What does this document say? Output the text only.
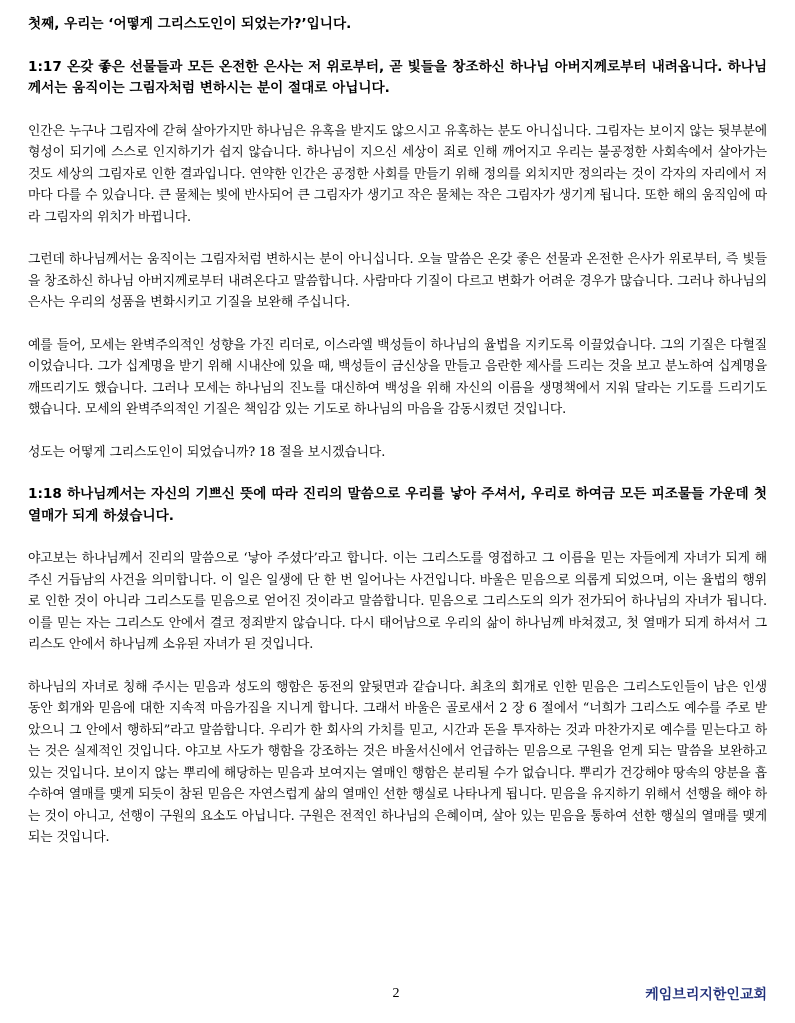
첫째, 우리는 ‘어떻게 그리스도인이 되었는가?’입니다.

1:17 온갖 좋은 선물들과 모든 온전한 은사는 저 위로부터, 곧 빛들을 창조하신 하나님 아버지께로부터 내려옵니다. 하나님께서는 움직이는 그림자처럼 변하시는 분이 절대로 아닙니다.

인간은 누구나 그림자에 갇혀 살아가지만 하나님은 유혹을 받지도 않으시고 유혹하는 분도 아니십니다. 그림자는 보이지 않는 뒷부분에 형성이 되기에 스스로 인지하기가 쉽지 않습니다. 하나님이 지으신 세상이 죄로 인해 깨어지고 우리는 불공정한 사회속에서 살아가는 것도 세상의 그림자로 인한 결과입니다. 연약한 인간은 공정한 사회를 만들기 위해 정의를 외치지만 정의라는 것이 각자의 자리에서 저마다 다를 수 있습니다. 큰 물체는 빛에 반사되어 큰 그림자가 생기고 작은 물체는 작은 그림자가 생기게 됩니다. 또한 해의 움직임에 따라 그림자의 위치가 바뀝니다.

그런데 하나님께서는 움직이는 그림자처럼 변하시는 분이 아니십니다. 오늘 말씀은 온갖 좋은 선물과 온전한 은사가 위로부터, 즉 빛들을 창조하신 하나님 아버지께로부터 내려온다고 말씀합니다. 사람마다 기질이 다르고 변화가 어려운 경우가 많습니다. 그러나 하나님의 은사는 우리의 성품을 변화시키고 기질을 보완해 주십니다.

예를 들어, 모세는 완벽주의적인 성향을 가진 리더로, 이스라엘 백성들이 하나님의 율법을 지키도록 이끌었습니다. 그의 기질은 다혈질이었습니다. 그가 십계명을 받기 위해 시내산에 있을 때, 백성들이 금신상을 만들고 음란한 제사를 드리는 것을 보고 분노하여 십계명을 깨뜨리기도 했습니다. 그러나 모세는 하나님의 진노를 대신하여 백성을 위해 자신의 이름을 생명책에서 지워 달라는 기도를 드리기도 했습니다. 모세의 완벽주의적인 기질은 책임감 있는 기도로 하나님의 마음을 감동시켰던 것입니다.

성도는 어떻게 그리스도인이 되었습니까? 18 절을 보시겠습니다.

1:18 하나님께서는 자신의 기쁘신 뜻에 따라 진리의 말씀으로 우리를 낳아 주셔서, 우리로 하여금 모든 피조물들 가운데 첫 열매가 되게 하셨습니다.

야고보는 하나님께서 진리의 말씀으로 ‘낳아 주셨다’라고 합니다. 이는 그리스도를 영접하고 그 이름을 믿는 자들에게 자녀가 되게 해 주신 거듭남의 사건을 의미합니다. 이 일은 일생에 단 한 번 일어나는 사건입니다. 바울은 믿음으로 의롭게 되었으며, 이는 율법의 행위로 인한 것이 아니라 그리스도를 믿음으로 얻어진 것이라고 말씀합니다. 믿음으로 그리스도의 의가 전가되어 하나님의 자녀가 됩니다. 이를 믿는 자는 그리스도 안에서 결코 정죄받지 않습니다. 다시 태어남으로 우리의 삶이 하나님께 바쳐졌고, 첫 열매가 되게 하셔서 그리스도 안에서 하나님께 소유된 자녀가 된 것입니다.

하나님의 자녀로 칭해 주시는 믿음과 성도의 행함은 동전의 앞뒷면과 같습니다. 최초의 회개로 인한 믿음은 그리스도인들이 남은 인생 동안 회개와 믿음에 대한 지속적 마음가짐을 지니게 합니다. 그래서 바울은 골로새서 2 장 6 절에서 “너희가 그리스도 예수를 주로 받았으니 그 안에서 행하되”라고 말씀합니다. 우리가 한 회사의 가치를 믿고, 시간과 돈을 투자하는 것과 마찬가지로 예수를 믿는다고 하는 것은 실제적인 것입니다. 야고보 사도가 행함을 강조하는 것은 바울서신에서 언급하는 믿음으로 구원을 얻게 되는 말씀을 보완하고 있는 것입니다. 보이지 않는 뿌리에 해당하는 믿음과 보여지는 열매인 행함은 분리될 수가 없습니다. 뿌리가 건강해야 땅속의 양분을 흡수하여 열매를 맺게 되듯이 참된 믿음은 자연스럽게 삶의 열매인 선한 행실로 나타나게 됩니다. 믿음을 유지하기 위해서 선행을 해야 하는 것이 아니고, 선행이 구원의 요소도 아닙니다. 구원은 전적인 하나님의 은혜이며, 살아 있는 믿음을 통하여 선한 행실의 열매를 맺게 되는 것입니다.

2	케임브리지한인교회
